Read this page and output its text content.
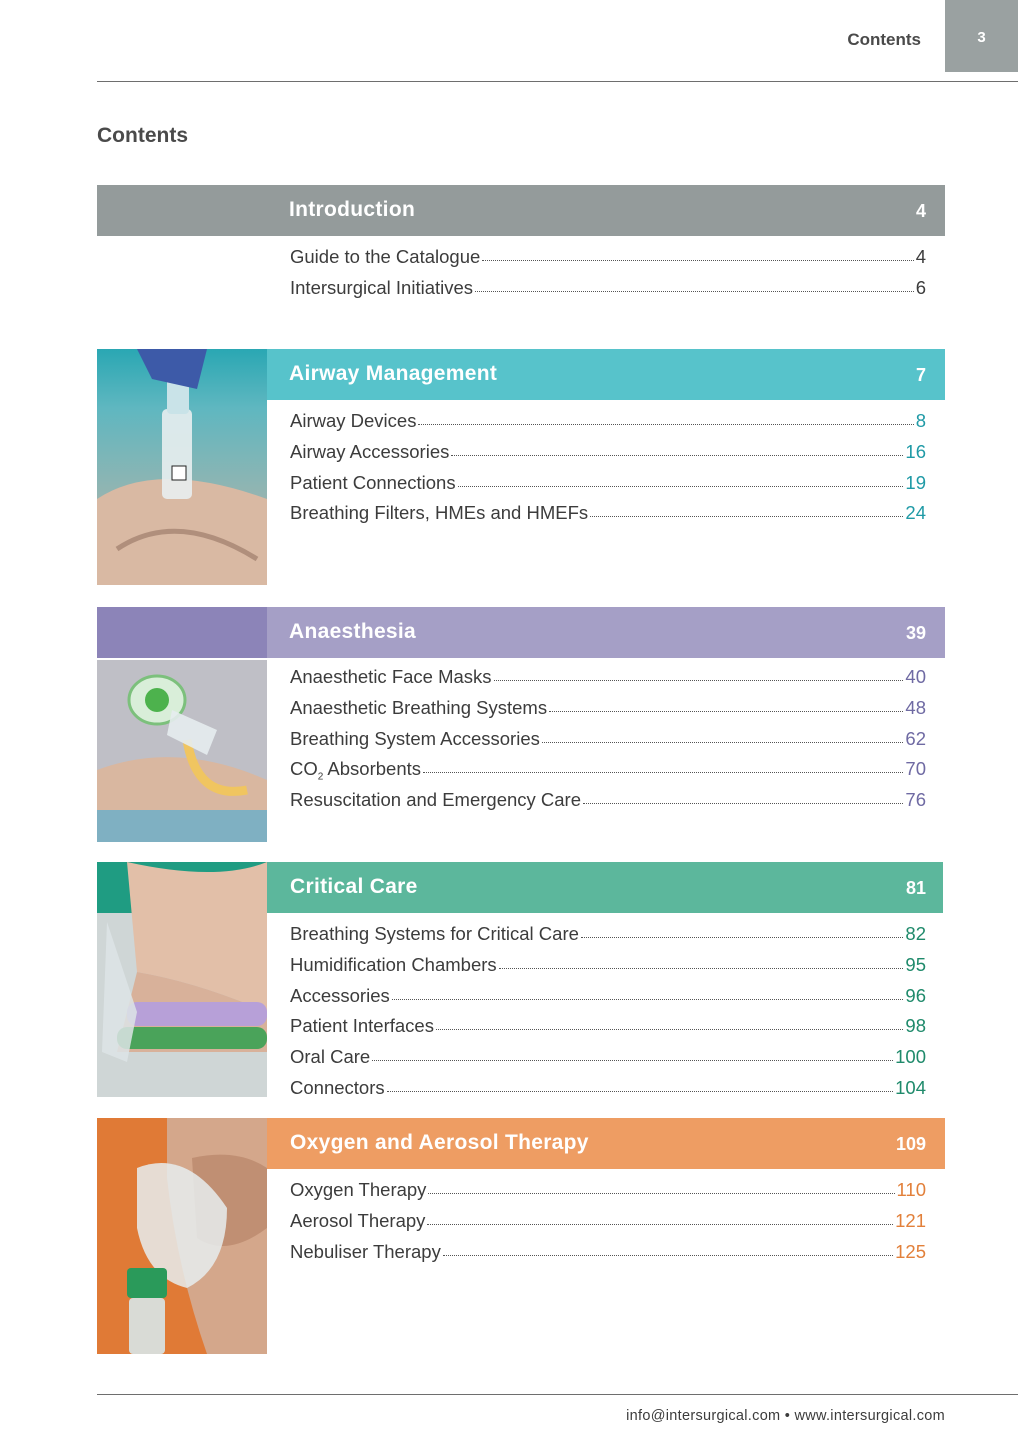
Contents	3
Contents
Introduction	4
Guide to the Catalogue	4
Intersurgical Initiatives	6
Airway Management	7
Airway Devices	8
Airway Accessories	16
Patient Connections	19
Breathing Filters, HMEs and HMEFs	24
Anaesthesia	39
Anaesthetic Face Masks	40
Anaesthetic Breathing Systems	48
Breathing System Accessories	62
$CO_2$ Absorbents	70
Resuscitation and Emergency Care	76
Critical Care	81
Breathing Systems for Critical Care	82
Humidification Chambers	95
Accessories	96
Patient Interfaces	98
Oral Care	100
Connectors	104
Oxygen and Aerosol Therapy	109
Oxygen Therapy	110
Aerosol Therapy	121
Nebuliser Therapy	125
info@intersurgical.com • www.intersurgical.com
